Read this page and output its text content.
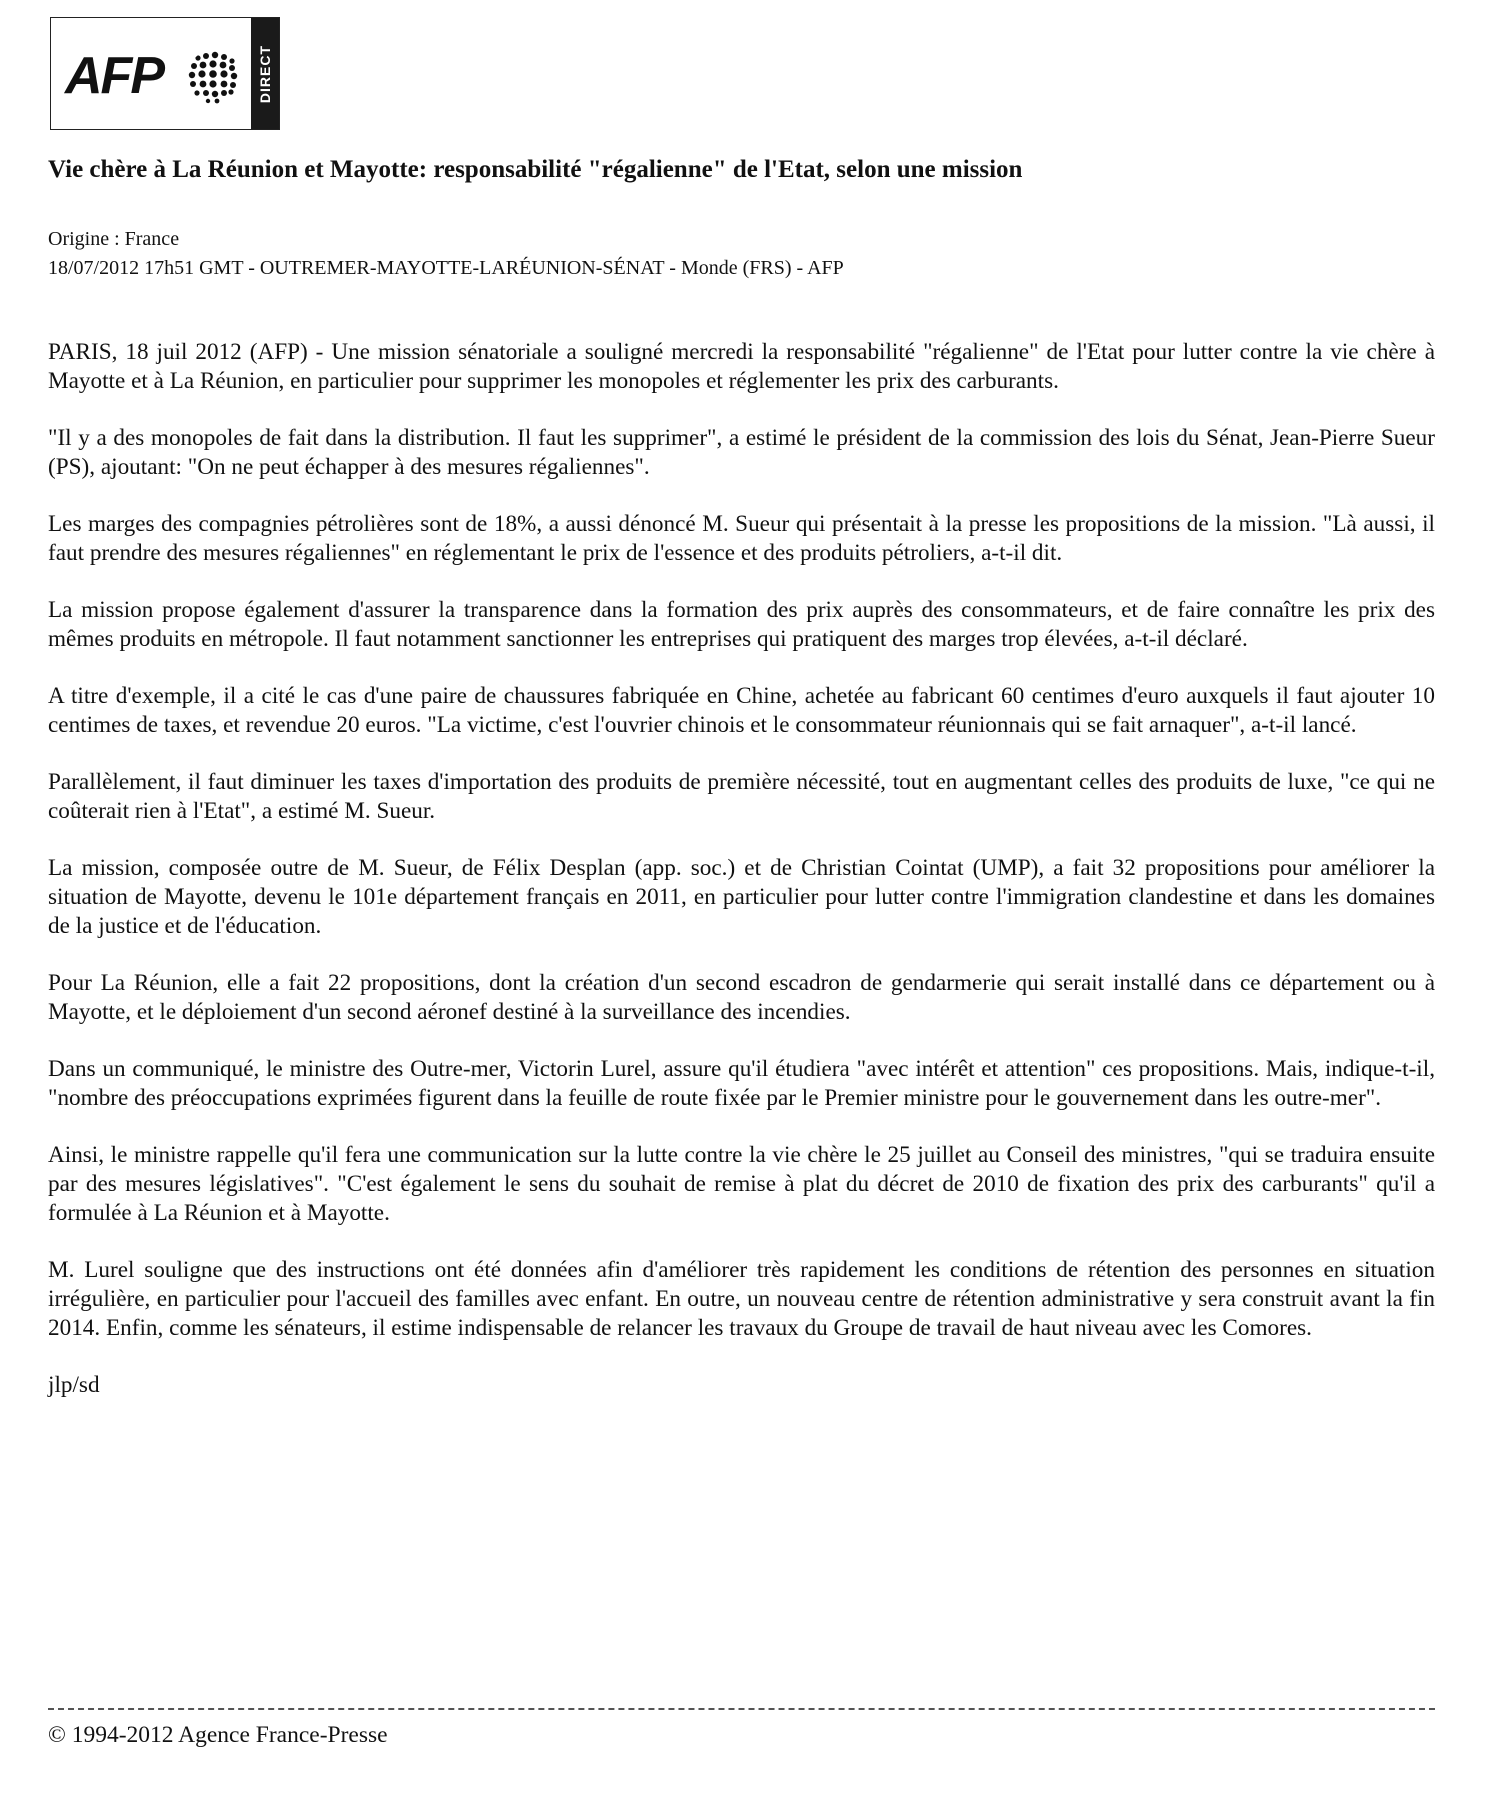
AFP	DIRECT
Vie chère à La Réunion et Mayotte: responsabilité "régalienne" de l'Etat, selon une mission
Origine : France
18/07/2012 17h51 GMT - OUTREMER-MAYOTTE-LARÉUNION-SÉNAT - Monde (FRS) - AFP

PARIS, 18 juil 2012 (AFP) - Une mission sénatoriale a souligné mercredi la responsabilité "régalienne" de l'Etat pour lutter contre la vie chère à Mayotte et à La Réunion, en particulier pour supprimer les monopoles et réglementer les prix des carburants.

"Il y a des monopoles de fait dans la distribution. Il faut les supprimer", a estimé le président de la commission des lois du Sénat, Jean-Pierre Sueur (PS), ajoutant: "On ne peut échapper à des mesures régaliennes".

Les marges des compagnies pétrolières sont de 18%, a aussi dénoncé M. Sueur qui présentait à la presse les propositions de la mission. "Là aussi, il faut prendre des mesures régaliennes" en réglementant le prix de l'essence et des produits pétroliers, a-t-il dit.

La mission propose également d'assurer la transparence dans la formation des prix auprès des consommateurs, et de faire connaître les prix des mêmes produits en métropole. Il faut notamment sanctionner les entreprises qui pratiquent des marges trop élevées, a-t-il déclaré.

A titre d'exemple, il a cité le cas d'une paire de chaussures fabriquée en Chine, achetée au fabricant 60 centimes d'euro auxquels il faut ajouter 10 centimes de taxes, et revendue 20 euros. "La victime, c'est l'ouvrier chinois et le consommateur réunionnais qui se fait arnaquer", a-t-il lancé.

Parallèlement, il faut diminuer les taxes d'importation des produits de première nécessité, tout en augmentant celles des produits de luxe, "ce qui ne coûterait rien à l'Etat", a estimé M. Sueur.

La mission, composée outre de M. Sueur, de Félix Desplan (app. soc.) et de Christian Cointat (UMP), a fait 32 propositions pour améliorer la situation de Mayotte, devenu le 101e département français en 2011, en particulier pour lutter contre l'immigration clandestine et dans les domaines de la justice et de l'éducation.

Pour La Réunion, elle a fait 22 propositions, dont la création d'un second escadron de gendarmerie qui serait installé dans ce département ou à Mayotte, et le déploiement d'un second aéronef destiné à la surveillance des incendies.

Dans un communiqué, le ministre des Outre-mer, Victorin Lurel, assure qu'il étudiera "avec intérêt et attention" ces propositions. Mais, indique-t-il, "nombre des préoccupations exprimées figurent dans la feuille de route fixée par le Premier ministre pour le gouvernement dans les outre-mer".

Ainsi, le ministre rappelle qu'il fera une communication sur la lutte contre la vie chère le 25 juillet au Conseil des ministres, "qui se traduira ensuite par des mesures législatives". "C'est également le sens du souhait de remise à plat du décret de 2010 de fixation des prix des carburants" qu'il a formulée à La Réunion et à Mayotte.

M. Lurel souligne que des instructions ont été données afin d'améliorer très rapidement les conditions de rétention des personnes en situation irrégulière, en particulier pour l'accueil des familles avec enfant. En outre, un nouveau centre de rétention administrative y sera construit avant la fin 2014. Enfin, comme les sénateurs, il estime indispensable de relancer les travaux du Groupe de travail de haut niveau avec les Comores.

jlp/sd

© 1994-2012 Agence France-Presse
